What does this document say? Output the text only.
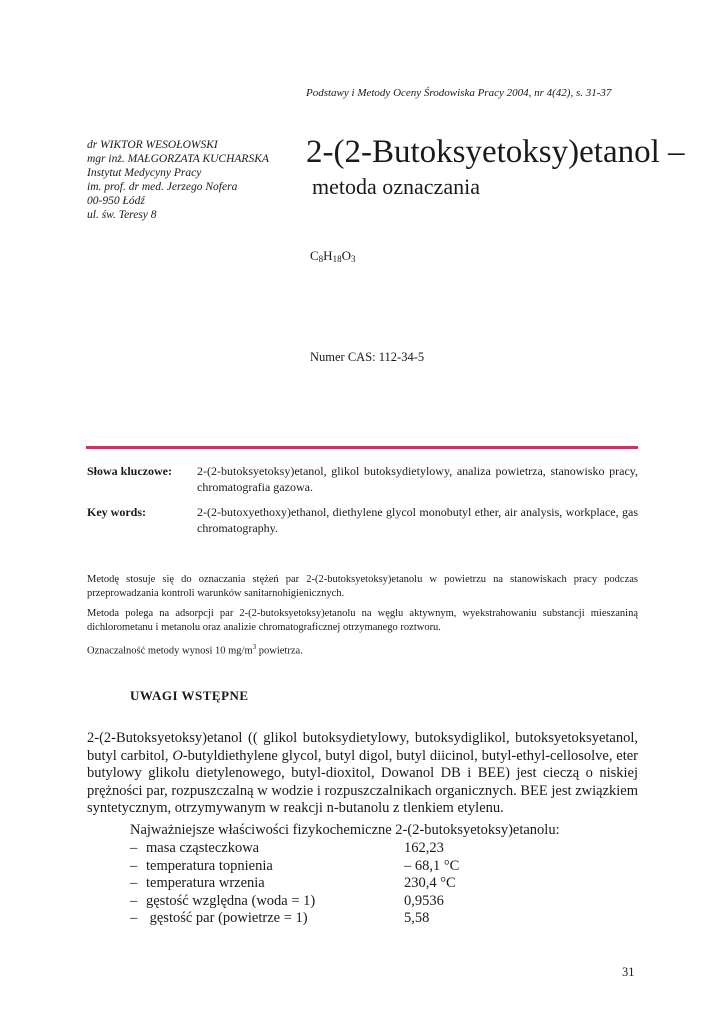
Podstawy i Metody Oceny Środowiska Pracy 2004, nr 4(42), s. 31-37
dr WIKTOR WESOŁOWSKI
mgr inż. MAŁGORZATA KUCHARSKA
Instytut Medycyny Pracy
im. prof. dr med. Jerzego Nofera
00-950 Łódź
ul. św. Teresy 8
2-(2-Butoksyetoksy)etanol –
metoda oznaczania
$C_8H_{18}O_3$
Numer CAS: 112-34-5
Słowa kluczowe:	2-(2-butoksyetoksy)etanol, glikol butoksydietylowy, analiza powietrza, stanowisko pracy, chromatografia gazowa.
Key words:	2-(2-butoxyethoxy)ethanol, diethylene glycol monobutyl ether, air analysis, workplace, gas chromatography.
Metodę stosuje się do oznaczania stężeń par 2-(2-butoksyetoksy)etanolu w powietrzu na stanowiskach pracy podczas przeprowadzania kontroli warunków sanitarnohigienicznych.
Metoda polega na adsorpcji par 2-(2-butoksyetoksy)etanolu na węglu aktywnym, wyekstrahowaniu substancji mieszaniną dichlorometanu i metanolu oraz analizie chromatograficznej otrzymanego roztworu.
Oznaczalność metody wynosi 10 $mg/m^3$ powietrza.
UWAGI WSTĘPNE
2-(2-Butoksyetoksy)etanol (( glikol butoksydietylowy, butoksydiglikol, butoksyetoksyetanol, butyl carbitol, O-butyldiethylene glycol, butyl digol, butyl diicinol, butyl-ethyl-cellosolve, eter butylowy glikolu dietylenowego, butyl-dioxitol, Dowanol DB i BEE) jest cieczą o niskiej prężności par, rozpuszczalną w wodzie i rozpuszczalnikach organicznych. BEE jest związkiem syntetycznym, otrzymywanym w reakcji n-butanolu z tlenkiem etylenu.
Najważniejsze właściwości fizykochemiczne 2-(2-butoksyetoksy)etanolu:
– masa cząsteczkowa	162,23
– temperatura topnienia	– 68,1 °C
– temperatura wrzenia	230,4 °C
– gęstość względna (woda = 1)	0,9536
– gęstość par (powietrze = 1)	5,58
31
